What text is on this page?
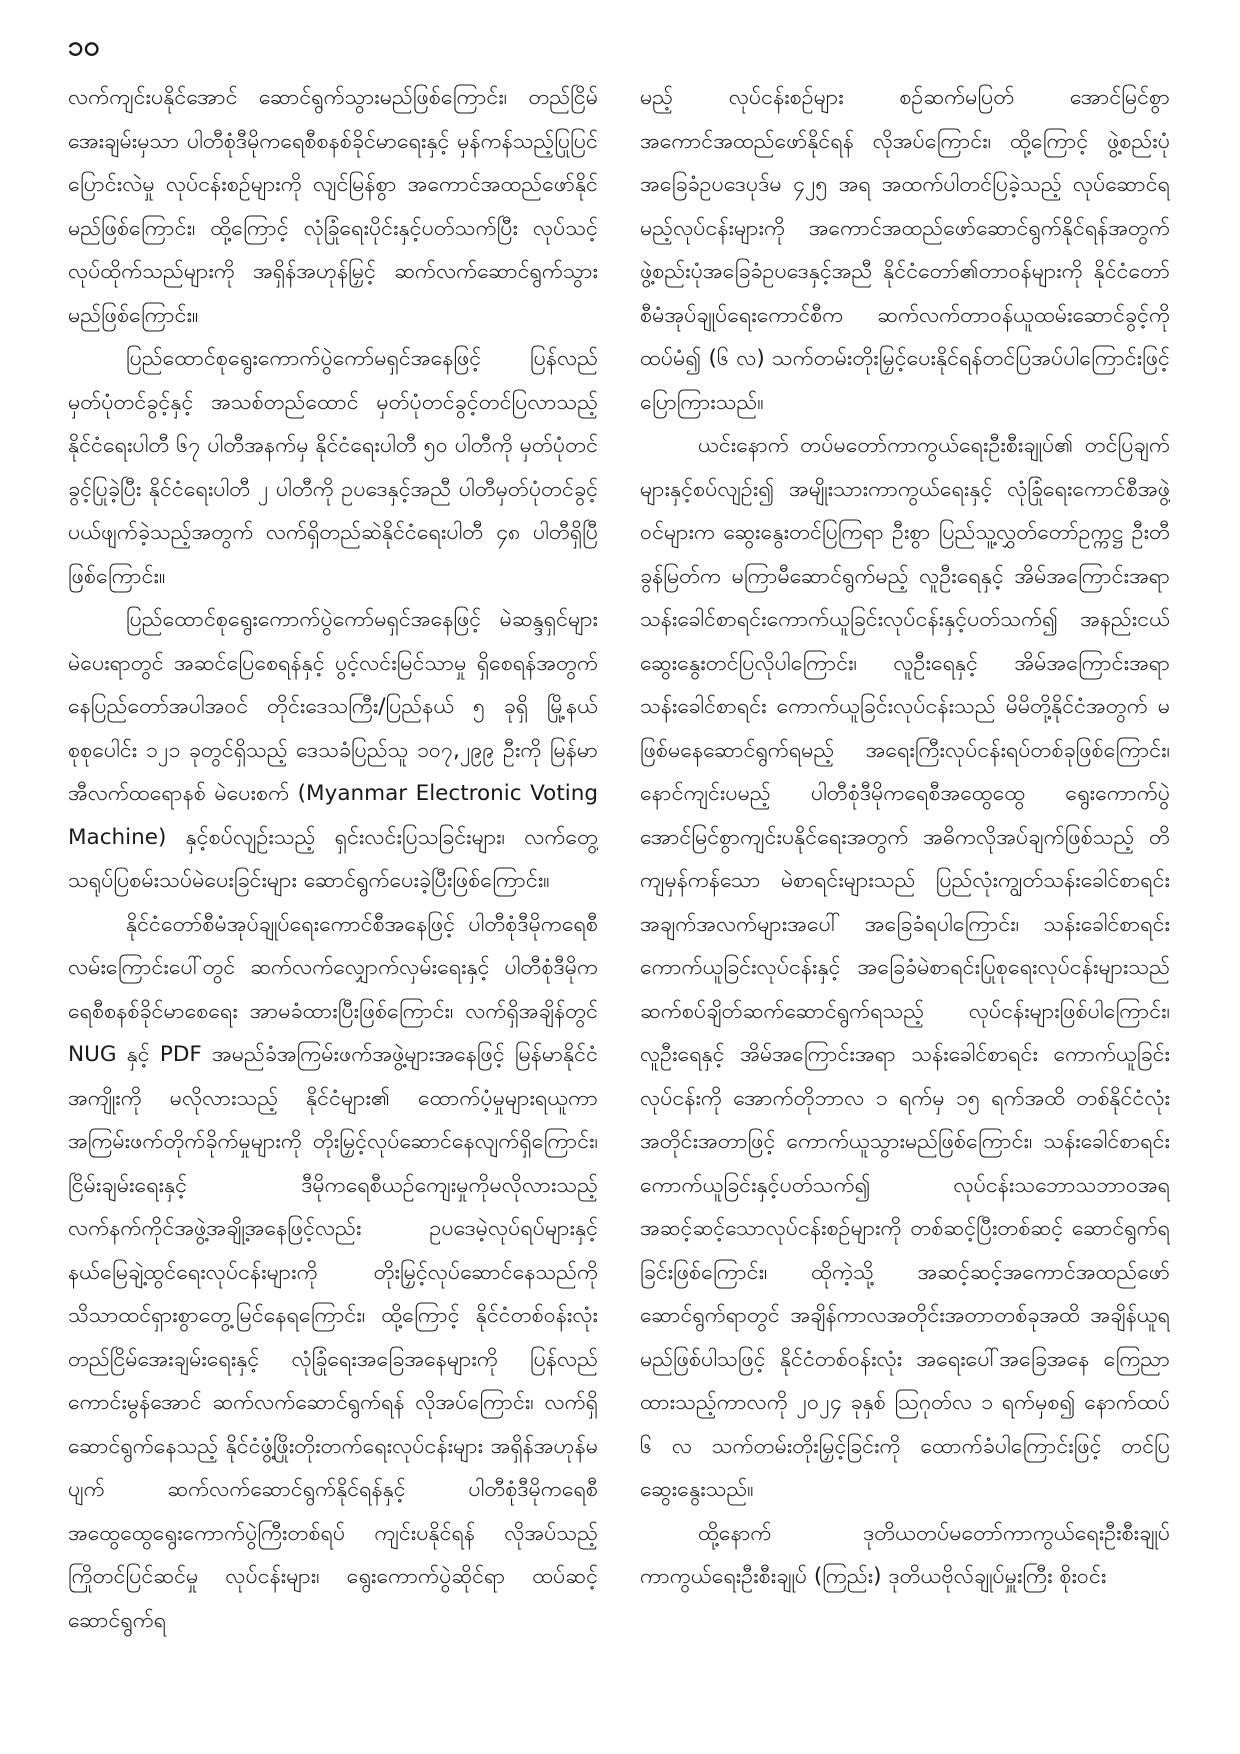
၁၀

လက်ကျင်းပနိုင်အောင် ဆောင်ရွက်သွားမည်ဖြစ်ကြောင်း၊ တည်ငြိမ်အေးချမ်းမှသာ ပါတီစုံဒီမိုကရေစီစနစ်ခိုင်မာရေးနှင့် မှန်ကန်သည့်ပြုပြင်ပြောင်းလဲမှု လုပ်ငန်းစဉ်များကို လျင်မြန်စွာ အကောင်အထည်ဖော်နိုင်မည်ဖြစ်ကြောင်း၊ ထို့ကြောင့် လုံခြုံရေးပိုင်းနှင့်ပတ်သက်ပြီး လုပ်သင့်လုပ်ထိုက်သည်များကို အရှိန်အဟုန်မြှင့် ဆက်လက်ဆောင်ရွက်သွားမည်ဖြစ်ကြောင်း။

ပြည်ထောင်စုရွေးကောက်ပွဲကော်မရှင်အနေဖြင့် ပြန်လည်မှတ်ပုံတင်ခွင့်နှင့် အသစ်တည်ထောင် မှတ်ပုံတင်ခွင့်တင်ပြလာသည့် နိုင်ငံရေးပါတီ ၆၇ ပါတီအနက်မှ နိုင်ငံရေးပါတီ ၅၀ ပါတီကို မှတ်ပုံတင်ခွင့်ပြုခဲ့ပြီး နိုင်ငံရေးပါတီ ၂ ပါတီကို ဥပဒေနှင့်အညီ ပါတီမှတ်ပုံတင်ခွင့် ပယ်ဖျက်ခဲ့သည့်အတွက် လက်ရှိတည်ဆဲနိုင်ငံရေးပါတီ ၄၈ ပါတီရှိပြီဖြစ်ကြောင်း။

ပြည်ထောင်စုရွေးကောက်ပွဲကော်မရှင်အနေဖြင့် မဲဆန္ဒရှင်များမဲပေးရာတွင် အဆင်ပြေစေရန်နှင့် ပွင့်လင်းမြင်သာမှု ရှိစေရန်အတွက် နေပြည်တော်အပါအဝင် တိုင်းဒေသကြီး/ပြည်နယ် ၅ ခုရှိ မြို့နယ်စုစုပေါင်း ၁၂၁ ခုတွင်ရှိသည့် ဒေသခံပြည်သူ ၁၀၇,၂၉၉ ဦးကို မြန်မာအီလက်ထရောနစ် မဲပေးစက် (Myanmar Electronic Voting Machine) နှင့်စပ်လျဉ်းသည့် ရှင်းလင်းပြသခြင်းများ၊ လက်တွေ့သရုပ်ပြစမ်းသပ်မဲပေးခြင်းများ ဆောင်ရွက်ပေးခဲ့ပြီးဖြစ်ကြောင်း။

နိုင်ငံတော်စီမံအုပ်ချုပ်ရေးကောင်စီအနေဖြင့် ပါတီစုံဒီမိုကရေစီလမ်းကြောင်းပေါ်တွင် ဆက်လက်လျှောက်လှမ်းရေးနှင့် ပါတီစုံဒီမိုကရေစီစနစ်ခိုင်မာစေရေး အာမခံထားပြီးဖြစ်ကြောင်း၊ လက်ရှိအချိန်တွင် NUG နှင့် PDF အမည်ခံအကြမ်းဖက်အဖွဲ့များအနေဖြင့် မြန်မာနိုင်ငံအကျိုးကို မလိုလားသည့် နိုင်ငံများ၏ ထောက်ပံ့မှုများရယူကာ အကြမ်းဖက်တိုက်ခိုက်မှုများကို တိုးမြှင့်လုပ်ဆောင်နေလျက်ရှိကြောင်း၊ ငြိမ်းချမ်းရေးနှင့် ဒီမိုကရေစီယဉ်ကျေးမှုကိုမလိုလားသည့် လက်နက်ကိုင်အဖွဲ့အချို့အနေဖြင့်လည်း ဥပဒေမဲ့လုပ်ရပ်များနှင့် နယ်မြေချဲ့ထွင်ရေးလုပ်ငန်းများကို တိုးမြှင့်လုပ်ဆောင်နေသည်ကို သိသာထင်ရှားစွာတွေ့မြင်နေရကြောင်း၊ ထို့ကြောင့် နိုင်ငံတစ်ဝန်းလုံးတည်ငြိမ်အေးချမ်းရေးနှင့် လုံခြုံရေးအခြေအနေများကို ပြန်လည်ကောင်းမွန်အောင် ဆက်လက်ဆောင်ရွက်ရန် လိုအပ်ကြောင်း၊ လက်ရှိဆောင်ရွက်နေသည့် နိုင်ငံဖွံ့ဖြိုးတိုးတက်ရေးလုပ်ငန်းများ အရှိန်အဟုန်မပျက် ဆက်လက်ဆောင်ရွက်နိုင်ရန်နှင့် ပါတီစုံဒီမိုကရေစီ အထွေထွေရွေးကောက်ပွဲကြီးတစ်ရပ် ကျင်းပနိုင်ရန် လိုအပ်သည့် ကြိုတင်ပြင်ဆင်မှု လုပ်ငန်းများ၊ ရွေးကောက်ပွဲဆိုင်ရာ ထပ်ဆင့်ဆောင်ရွက်ရ

မည့် လုပ်ငန်းစဉ်များ စဉ်ဆက်မပြတ် အောင်မြင်စွာအကောင်အထည်ဖော်နိုင်ရန် လိုအပ်ကြောင်း၊ ထို့ကြောင့် ဖွဲ့စည်းပုံအခြေခံဥပဒေပုဒ်မ ၄၂၅ အရ အထက်ပါတင်ပြခဲ့သည့် လုပ်ဆောင်ရမည့်လုပ်ငန်းများကို အကောင်အထည်ဖော်ဆောင်ရွက်နိုင်ရန်အတွက် ဖွဲ့စည်းပုံအခြေခံဥပဒေနှင့်အညီ နိုင်ငံတော်၏တာဝန်များကို နိုင်ငံတော်စီမံအုပ်ချုပ်ရေးကောင်စီက ဆက်လက်တာဝန်ယူထမ်းဆောင်ခွင့်ကို ထပ်မံ၍ (၆ လ) သက်တမ်းတိုးမြှင့်ပေးနိုင်ရန်တင်ပြအပ်ပါကြောင်းဖြင့် ပြောကြားသည်။

ယင်းနောက် တပ်မတော်ကာကွယ်ရေးဦးစီးချုပ်၏ တင်ပြချက်များနှင့်စပ်လျဉ်း၍ အမျိုးသားကာကွယ်ရေးနှင့် လုံခြုံရေးကောင်စီအဖွဲ့ဝင်များက ဆွေးနွေးတင်ပြကြရာ ဦးစွာ ပြည်သူ့လွှတ်တော်ဥက္ကဋ္ဌ ဦးတီခွန်မြတ်က မကြာမီဆောင်ရွက်မည့် လူဦးရေနှင့် အိမ်အကြောင်းအရာသန်းခေါင်စာရင်းကောက်ယူခြင်းလုပ်ငန်းနှင့်ပတ်သက်၍ အနည်းငယ်ဆွေးနွေးတင်ပြလိုပါကြောင်း၊ လူဦးရေနှင့် အိမ်အကြောင်းအရာသန်းခေါင်စာရင်း ကောက်ယူခြင်းလုပ်ငန်းသည် မိမိတို့နိုင်ငံအတွက် မဖြစ်မနေဆောင်ရွက်ရမည့် အရေးကြီးလုပ်ငန်းရပ်တစ်ခုဖြစ်ကြောင်း၊ နောင်ကျင်းပမည့် ပါတီစုံဒီမိုကရေစီအထွေထွေ ရွေးကောက်ပွဲ အောင်မြင်စွာကျင်းပနိုင်ရေးအတွက် အဓိကလိုအပ်ချက်ဖြစ်သည့် တိကျမှန်ကန်သော မဲစာရင်းများသည် ပြည်လုံးကျွတ်သန်းခေါင်စာရင်း အချက်အလက်များအပေါ် အခြေခံရပါကြောင်း၊ သန်းခေါင်စာရင်းကောက်ယူခြင်းလုပ်ငန်းနှင့် အခြေခံမဲစာရင်းပြုစုရေးလုပ်ငန်းများသည် ဆက်စပ်ချိတ်ဆက်ဆောင်ရွက်ရသည့် လုပ်ငန်းများဖြစ်ပါကြောင်း၊ လူဦးရေနှင့် အိမ်အကြောင်းအရာ သန်းခေါင်စာရင်း ကောက်ယူခြင်းလုပ်ငန်းကို အောက်တိုဘာလ ၁ ရက်မှ ၁၅ ရက်အထိ တစ်နိုင်ငံလုံးအတိုင်းအတာဖြင့် ကောက်ယူသွားမည်ဖြစ်ကြောင်း၊ သန်းခေါင်စာရင်းကောက်ယူခြင်းနှင့်ပတ်သက်၍ လုပ်ငန်းသဘောသဘာဝအရ အဆင့်ဆင့်သောလုပ်ငန်းစဉ်များကို တစ်ဆင့်ပြီးတစ်ဆင့် ဆောင်ရွက်ရခြင်းဖြစ်ကြောင်း၊ ထိုကဲ့သို့ အဆင့်ဆင့်အကောင်အထည်ဖော်ဆောင်ရွက်ရာတွင် အချိန်ကာလအတိုင်းအတာတစ်ခုအထိ အချိန်ယူရမည်ဖြစ်ပါသဖြင့် နိုင်ငံတစ်ဝန်းလုံး အရေးပေါ်အခြေအနေ ကြေညာထားသည့်ကာလကို ၂၀၂၄ ခုနှစ် ဩဂုတ်လ ၁ ရက်မှစ၍ နောက်ထပ် ၆ လ သက်တမ်းတိုးမြှင့်ခြင်းကို ထောက်ခံပါကြောင်းဖြင့် တင်ပြဆွေးနွေးသည်။

ထို့နောက် ဒုတိယတပ်မတော်ကာကွယ်ရေးဦးစီးချုပ် ကာကွယ်ရေးဦးစီးချုပ် (ကြည်း) ဒုတိယဗိုလ်ချုပ်မှူးကြီး စိုးဝင်း
